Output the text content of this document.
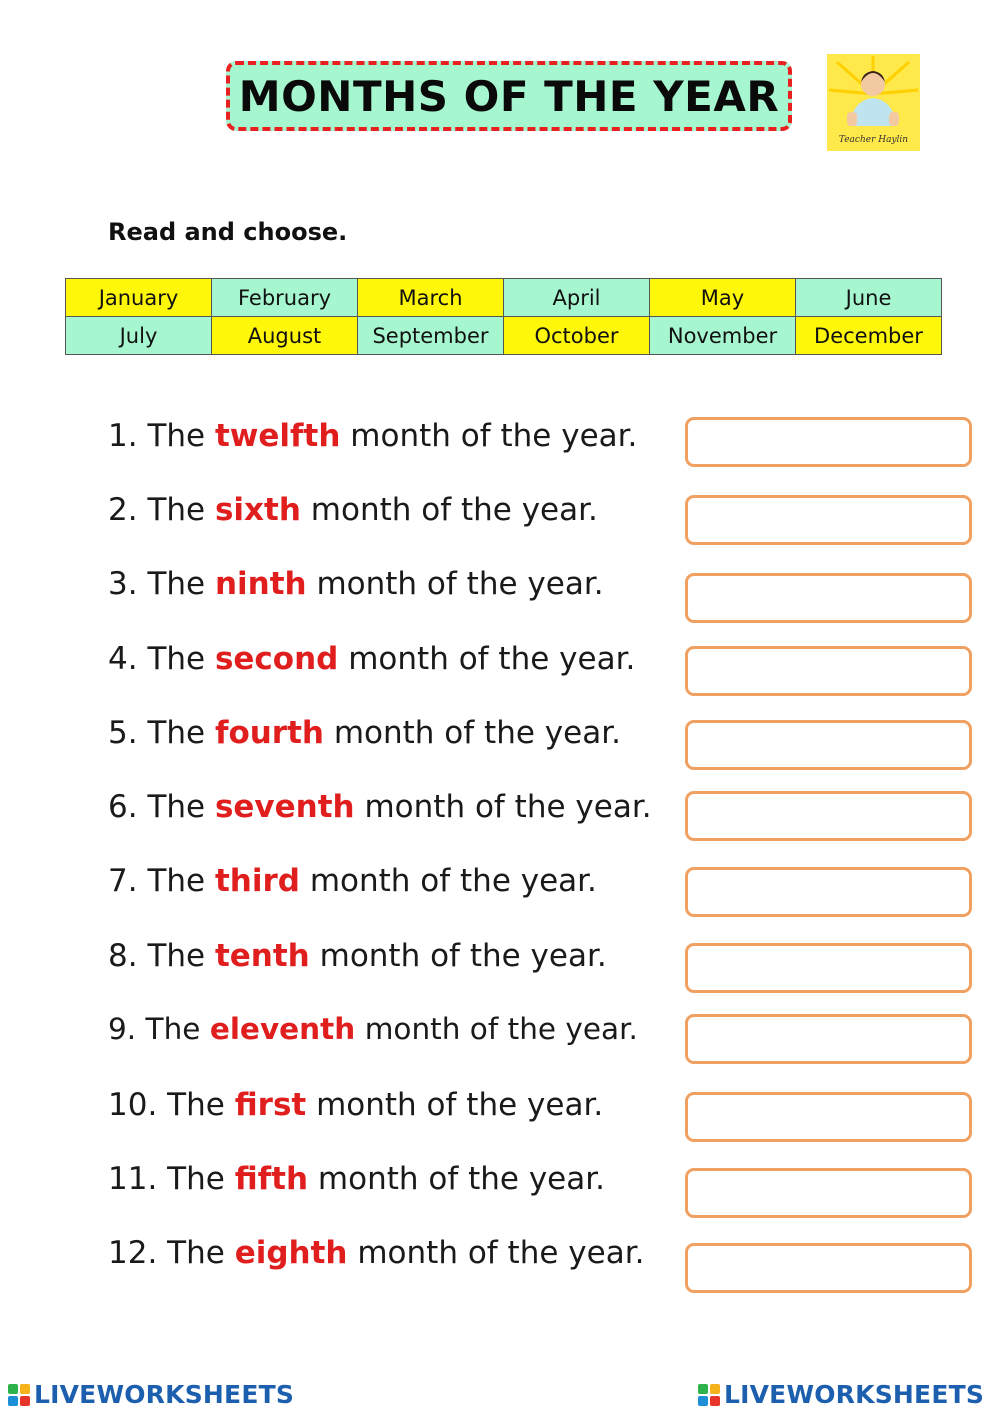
MONTHS OF THE YEAR
Teacher Haylin
Read and choose.
January	February	March	April	May	June
July	August	September	October	November	December
1. The twelfth month of the year.
2. The sixth month of the year.
3. The ninth month of the year.
4. The second month of the year.
5. The fourth month of the year.
6. The seventh month of the year.
7. The third month of the year.
8. The tenth month of the year.
9. The eleventh month of the year.
10. The first month of the year.
11. The fifth month of the year.
12. The eighth month of the year.
LIVEWORKSHEETS	LIVEWORKSHEETS
